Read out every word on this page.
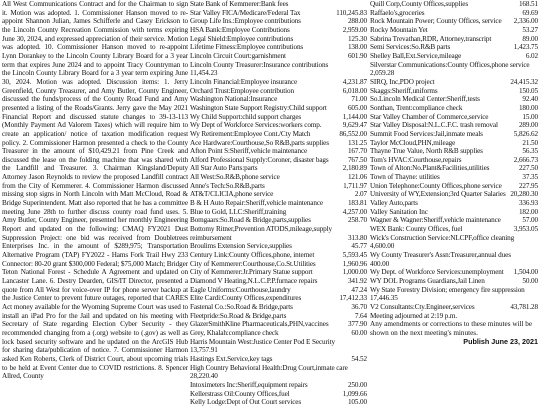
All West Communications Contract and for the Chairman to sign it. Motion was adopted. 1. Commissioner Hanson moved to re-appoint Shannon Julian, James Schifferle and Casey Erickson to the Lincoln County Recreation Commission with terms expiring June 30, 2024, and expressed appreciation of their service. Motion was adopted. 10. Commissioner Hanson moved to re-appoint Lynn Dorankey to the Lincoln County Library Board for a 3 year term that expires June 2024 and to appoint Tracy Countryman to the Lincoln County Library Board for a 3 year term expiring June 30, 2024. Motion was adopted. Discussion items: 1. Jerry Greenfield, County Treasurer, and Amy Butler, County Engineer, discussed the funds/process of the County Road Fund and Amy presented a listing of the Roads/Grants. Jerry gave the May 2021 Financial Report and discussed statute changes to 39-13-113 (Monthly Payment Ad Valorem Taxes) which will require him to create an application/ notice of taxation modification request policy. 2. Commissioner Harmon presented a check to the County Treasurer in the amount of $10,429.21 from Pine Creek and discussed the lease on the folding machine that was shared with the Landfill and Treasurer. 3. Chairman Kingsland/Deputy Attorney Jason Reynolds to review the proposed Landfill contract from the City of Kemmerer. 4. Commissioner Harmon discussed missing stop signs in North Lincoln with Matt McCloud, Road & Bridge Superintendent. Matt also reported that he has a committee meeting June 28th to further discuss county road fund uses. 5. Amy Butler, County Engineer, presented her monthly Engineering Report and updated on the following: CMAQ FY2021 Dust Suppression Project: one bid was received from Doubletrees Enterprises Inc. in the amount of $289,975; Transportation Alternative Program (TAP) FY2022 - Hams Fork Trail Hwy 233 Connector: 80-20 grant $300,000 Federal; $75,000 Match; Bridger Teton National Forest - Schedule A Agreement and updated on Lancaster Lane. 6. Destry Dearden, GIS/IT Director, presented a quote from All West for voice-over IP for phone server backup at the Justice Center to prevent future outages, reported that CARES Act money available for the Wyoming Supreme Court was used to install an iPad Pro for the Jail and updated on his meeting with Secretary of State regarding Election Cyber Security - they recommended changing from a (.org) website to (.gov) as well as lock based security software and he updated on the ArcGIS Hub for sharing data/publication of notice. 7. Commissioner Harmon asked Ken Roberts, Clerk of District Court, about upcoming trials to be held at Event Center due to COVID restrictions. 8. Spencer Allred, County

State Bank of Kemmerer:Bank fees
Star Valley FICA/Medicare/Federal Tax	110,245.83
Group Life Ins.:Employee contributions	288.00
HSA Bank:Employee Contributions	2,959.00
Legal Shield:Employee contributions	125.30
Lifetime Fitness:Employee contributions	138.00
Lincoln Circuit Court:garnishment	601.90
Lincoln County Treasurer:Insurance contributions
11,454.23
Lincoln Financial:Employee insurance	4,231.87
Orchard Trust:Employee contribution	6,018.00
Washington National:Insurance	71.00
Washington State Support Registry:Child support	605.00
Wy Child Support:child support charges	1,144.00
Wy Dept of Workforce Services:workers comp.	9,629.47
Wy Retirement:Employee Cont./Cty Match	86,552.00
Ace Hardware:Courthouse,So R&B,parts supplies	131.25
Afton Point S:Sheriff,vehicle maintenance	167.70
Alford Professional Supply:Coroner, disaster bags	767.50
All Star Auto Parts:parts	2,180.89
All West:So.R&B,phone service	121.06
Anne's Tech:So.R&B,parts	1,711.97
AT&T/CLICIA,phone service	2.07
B & H Auto Repair:Sheriff,vehicle maintenance	183.81
Blue to Gold, LLC:Sheriff,training	4,257.00
Bomgaars:So.Road & Bridge,parts,supplies	258.70
Bottomy Ritner,Prevention ATODS,mileage,supply
reimbursement	313.80
Broulims Extension Service,supplies	45.77
Century Link:County Offices,phone, internet	5,593.45
City of Kemmerer:Courthouse,Co.St.Utilities	1,960.96
City of Kemmerer:Jr.Primary Statue support	1,000.00
Diamond V Heating,N.L.C.P.P.furnace repairs	341.92
Eagle Uniforms:Courthouse,laundry	47.24
Elite Cardi:County Offices,expenditures	17,412.33
Fastenal Co.:So.Road & Bridge,parts	36.70
Fleetpride:So.Road & Bridge,parts	7.64
GlazerSmithKline Pharmaceuticals,PHN,vaccines	377.90
Grey, Khalah:compliance check	60.00
Harris Mountain West:Justice Center Pod E Security
13,757.91
Hastings Ext.Service,key tags	54.52
High Country Behavioral Health:Drug Court,inmate care
28,220.40
Intoximeters Inc:Sheriff,equipment repairs	250.00
Kellerstrass Oil:County Offices,fuel	1,099.66
Kelly Lodge:Dept of Out Court services	105.00
Quill Corp,County Offices,supplies	168.51
Raffaelo's,groceries	69.69
Rock Mountain Power; County Offices, service	2,336.00
Rocky Mountain Yet	53.27
Sabrina Trevathan,RDR, Attorney,transcript	89.00
Semi Services:So.R&B parts	1,423.75
Shelley Ball,Ext.Service,mileage	6.02
Silverstar Communications:County Offices,phone service
2,059.28
SIRQ, Inc,PDO project	24,415.32
Skaggs:Sheriff,uniforms	150.05
So.Lincoln Medical Center:Sheriff,tests	92.40
Sonthan, Trent:compliance check	180.00
Star Valley Chamber of Commerce,service	15.00
Star Valley Disposal:N.L.C.F.C. trash removal	289.00
Summit Food Services:Jail,inmate meals	5,826.62
Taylor McCloud,PHN,mileage	21.50
Thayne True Value, North R&B supplies	56.35
Tom's HVAC:Courthouse,repairs	2,666.73
Town of Alton:No.Plant&Facilities,utilities	227.50
Town of Thayne: utilities	37.35
Union Telephone:County Offices,phone service	227.95
University of WY,Extension;3rd Quarter Salaries 20,280.30
Valley Auto,parts	336.93
Valley Sanitation Inc	182.00
Wagner & Wagner:Sheriff,vehicle maintenance	57.00
WEX Bank: County Offices, fuel	3,953.05
Wick's Construction Service:NLCPF,office cleaning
4,600.00
Wy County Treasurer's Assn:Treasurer,annual dues
400.00
Wy Dept. of Workforce Services:unemployment	1,504.00
WY DOL Programs Guardians,Jail Linen	50.00
Wy State Forestry Division; emergency fire suppression
17,446.35
V2 Consultants:Cty.Engineer,services	43,781.28
Meeting adjourned at 2:19 p.m.

Any amendments or corrections to these minutes will be shown on the next meeting's minutes.

Publish June 23, 2021
